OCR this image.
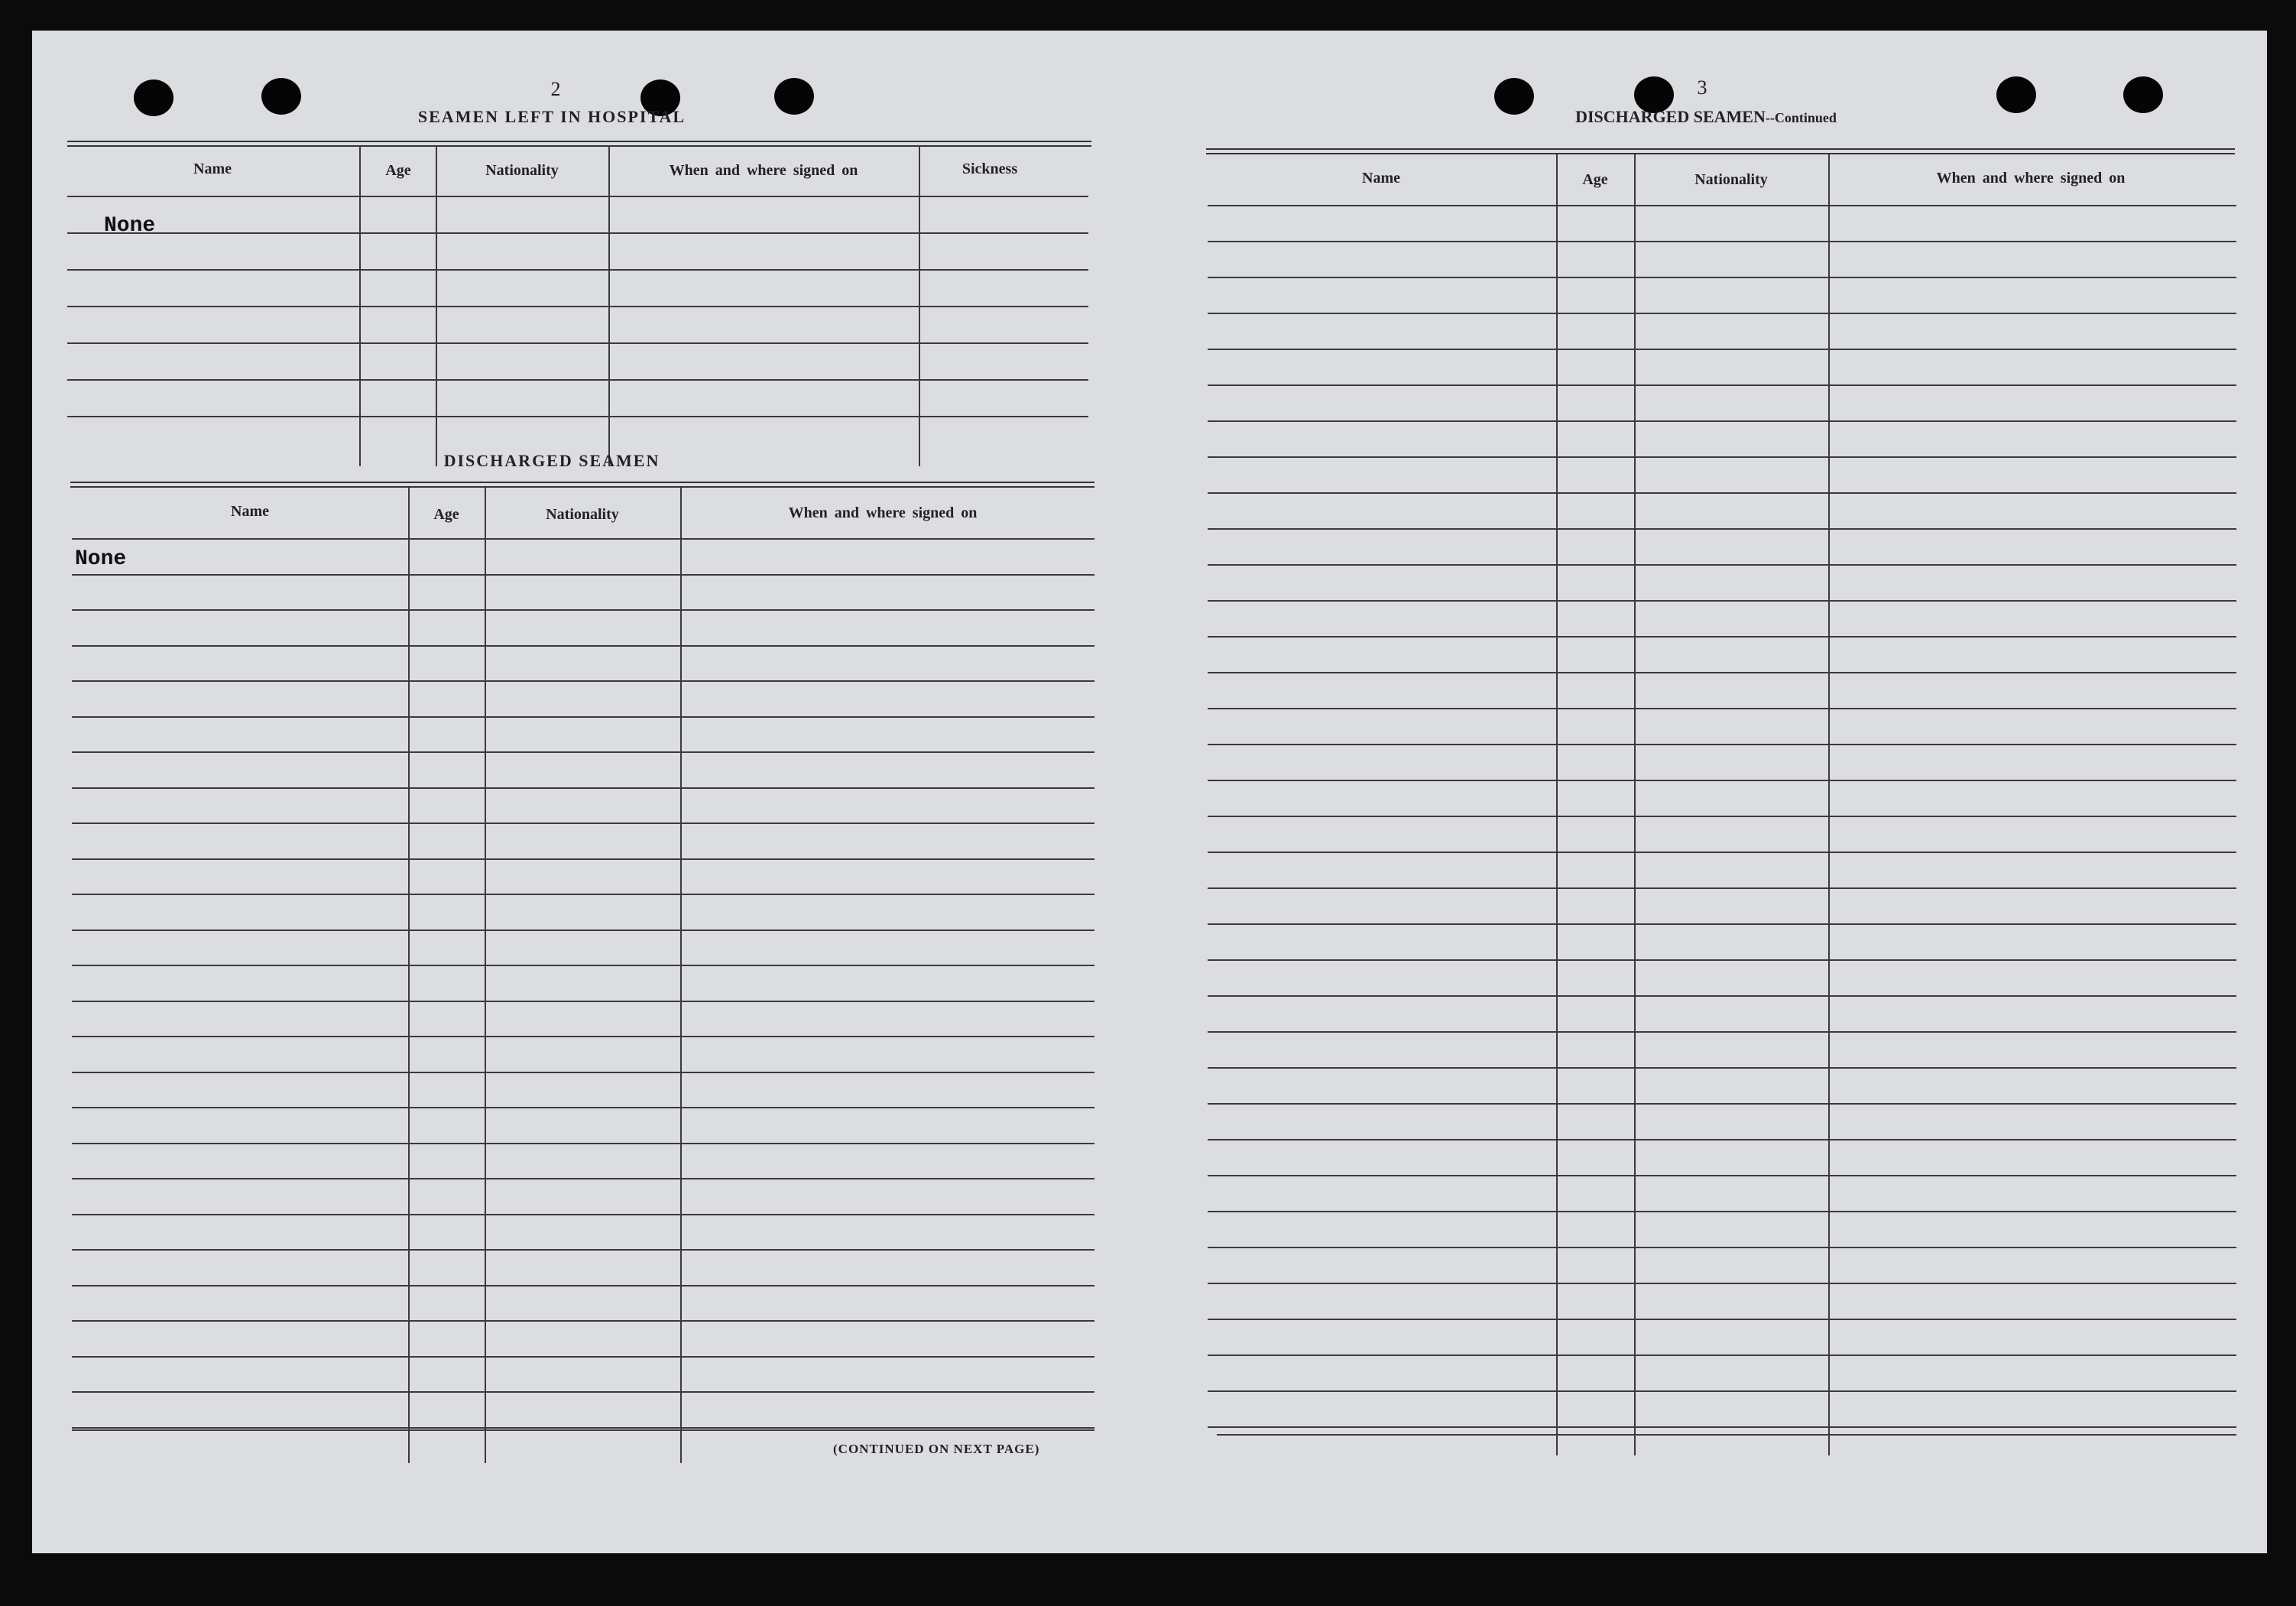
2
SEAMEN LEFT IN HOSPITAL
Name	Age	Nationality	When and where signed on	Sickness
None
DISCHARGED SEAMEN
Name	Age	Nationality	When and where signed on
None
(CONTINUED ON NEXT PAGE)
3
DISCHARGED SEAMEN--Continued
Name	Age	Nationality	When and where signed on
